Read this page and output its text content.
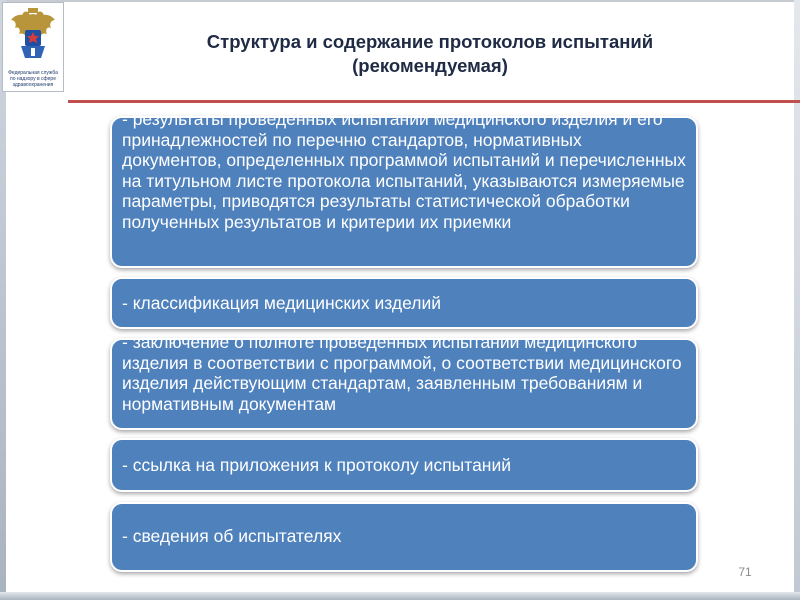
Федеральная служба по надзору в сфере здравоохранения
Структура и содержание протоколов испытаний
(рекомендуемая)
- результаты проведенных испытаний медицинского изделия и его принадлежностей по перечню стандартов, нормативных документов, определенных программой испытаний и перечисленных на титульном листе протокола испытаний, указываются измеряемые параметры, приводятся результаты статистической обработки полученных результатов и критерии их приемки
- классификация медицинских изделий
- заключение о полноте проведенных испытаний медицинского изделия в соответствии с программой, о соответствии медицинского изделия действующим стандартам, заявленным требованиям и нормативным документам
- ссылка на приложения к протоколу испытаний
- сведения об испытателях
71
